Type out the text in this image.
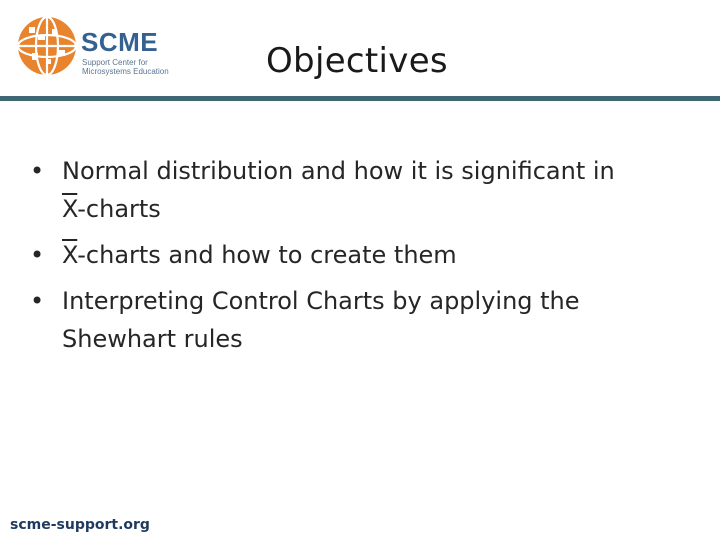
SCME
Support Center for
Microsystems Education	Objectives
• Normal distribution and how it is significant in
$\overline{X}$-charts
• $\overline{X}$-charts and how to create them
• Interpreting Control Charts by applying the Shewhart rules
scme-support.org
